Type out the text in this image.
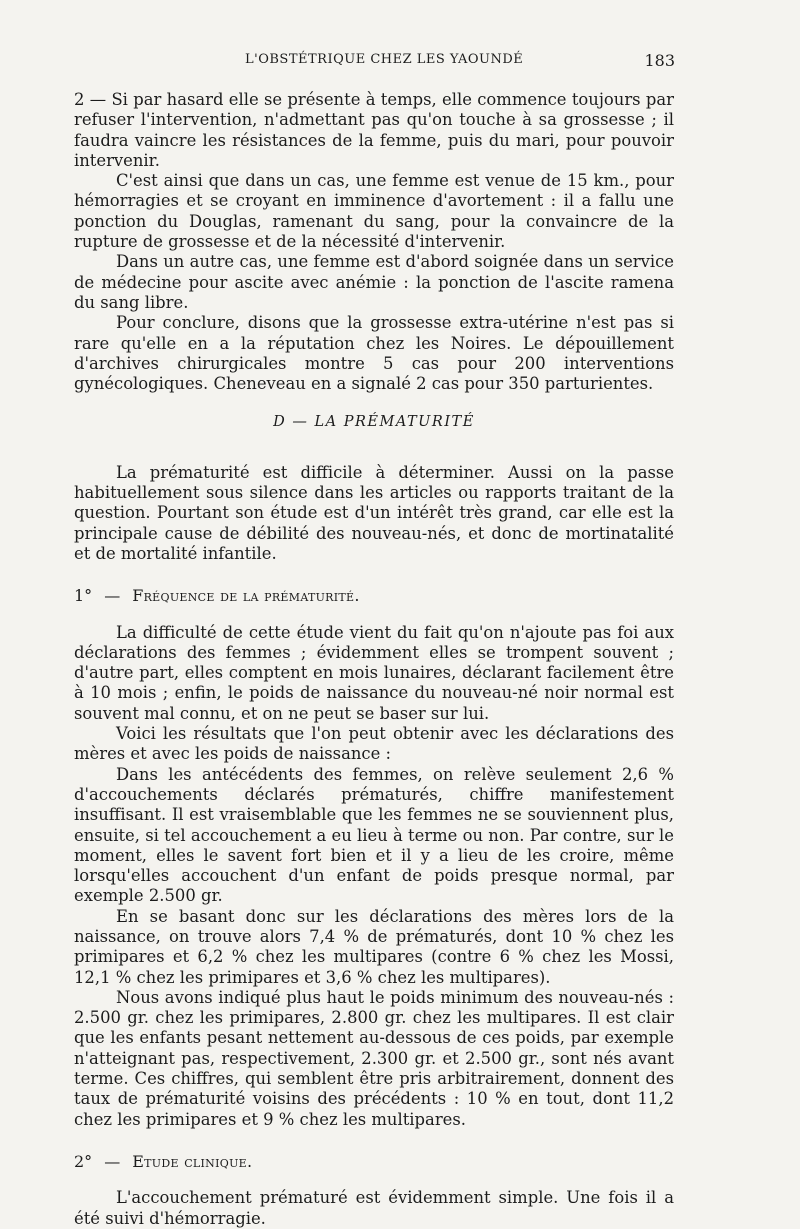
L'OBSTÉTRIQUE CHEZ LES YAOUNDÉ	183

2 — Si par hasard elle se présente à temps, elle commence toujours par refuser l'intervention, n'admettant pas qu'on touche à sa grossesse ; il faudra vaincre les résistances de la femme, puis du mari, pour pouvoir intervenir.

C'est ainsi que dans un cas, une femme est venue de 15 km., pour hémorragies et se croyant en imminence d'avortement : il a fallu une ponction du Douglas, ramenant du sang, pour la convaincre de la rupture de grossesse et de la nécessité d'intervenir.

Dans un autre cas, une femme est d'abord soignée dans un service de médecine pour ascite avec anémie : la ponction de l'ascite ramena du sang libre.

Pour conclure, disons que la grossesse extra-utérine n'est pas si rare qu'elle en a la réputation chez les Noires. Le dépouillement d'archives chirurgicales montre 5 cas pour 200 interventions gynécologiques. Cheneveau en a signalé 2 cas pour 350 parturientes.

D — LA PRÉMATURITÉ

La prématurité est difficile à déterminer. Aussi on la passe habituellement sous silence dans les articles ou rapports traitant de la question. Pourtant son étude est d'un intérêt très grand, car elle est la principale cause de débilité des nouveau-nés, et donc de mortinatalité et de mortalité infantile.

1° — Fréquence de la prématurité.

La difficulté de cette étude vient du fait qu'on n'ajoute pas foi aux déclarations des femmes ; évidemment elles se trompent souvent ; d'autre part, elles comptent en mois lunaires, déclarant facilement être à 10 mois ; enfin, le poids de naissance du nouveau-né noir normal est souvent mal connu, et on ne peut se baser sur lui.

Voici les résultats que l'on peut obtenir avec les déclarations des mères et avec les poids de naissance :

Dans les antécédents des femmes, on relève seulement 2,6 % d'accouchements déclarés prématurés, chiffre manifestement insuffisant. Il est vraisemblable que les femmes ne se souviennent plus, ensuite, si tel accouchement a eu lieu à terme ou non. Par contre, sur le moment, elles le savent fort bien et il y a lieu de les croire, même lorsqu'elles accouchent d'un enfant de poids presque normal, par exemple 2.500 gr.

En se basant donc sur les déclarations des mères lors de la naissance, on trouve alors 7,4 % de prématurés, dont 10 % chez les primipares et 6,2 % chez les multipares (contre 6 % chez les Mossi, 12,1 % chez les primipares et 3,6 % chez les multipares).

Nous avons indiqué plus haut le poids minimum des nouveau-nés : 2.500 gr. chez les primipares, 2.800 gr. chez les multipares. Il est clair que les enfants pesant nettement au-dessous de ces poids, par exemple n'atteignant pas, respectivement, 2.300 gr. et 2.500 gr., sont nés avant terme. Ces chiffres, qui semblent être pris arbitrairement, donnent des taux de prématurité voisins des précédents : 10 % en tout, dont 11,2 chez les primipares et 9 % chez les multipares.

2° — Etude clinique.

L'accouchement prématuré est évidemment simple. Une fois il a été suivi d'hémorragie.
